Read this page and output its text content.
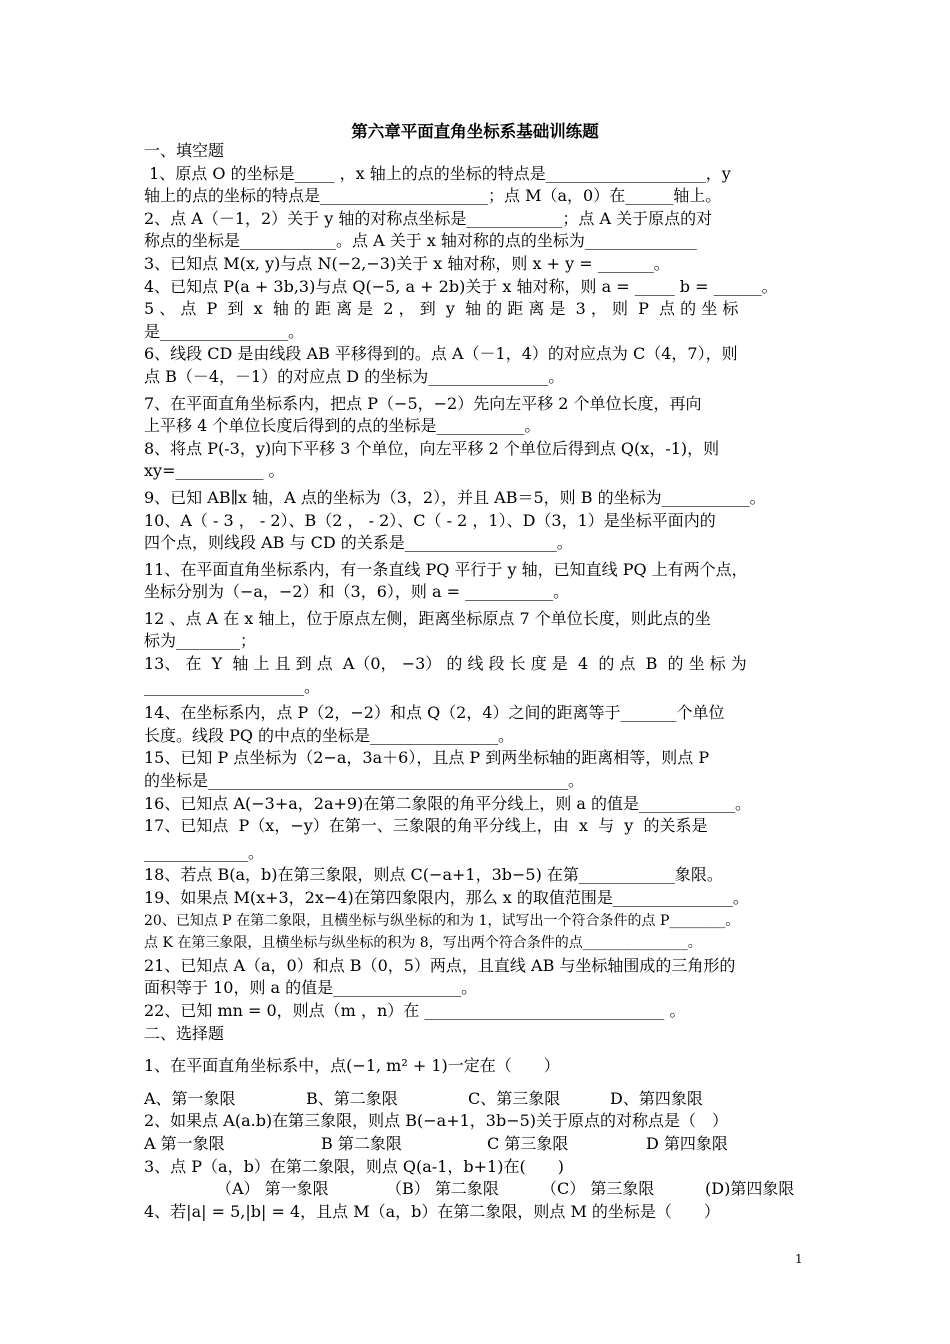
第六章平面直角坐标系基础训练题

一、填空题

1、原点 O 的坐标是_____ ，x 轴上的点的坐标的特点是____________________，y

轴上的点的坐标的特点是_____________________；点 M（a，0）在______轴上。

2、点 A（－1，2）关于 y 轴的对称点坐标是____________；点 A 关于原点的对

称点的坐标是____________。点 A 关于 x 轴对称的点的坐标为______________

3、已知点 M(x, y)与点 N(−2,−3)关于 x 轴对称，则 x + y = _______。

4、已知点 P(a + 3b,3)与点 Q(−5, a + 2b)关于 x 轴对称，则 a = _____ b = ______。

5 、 点  P  到  x  轴 的 距 离 是  2 ， 到  y  轴 的 距 离 是  3 ， 则  P  点 的 坐 标

是________________。

6、线段 CD 是由线段 AB 平移得到的。点 A（－1，4）的对应点为 C（4，7），则

点 B（－4，－1）的对应点 D 的坐标为_______________。

7、在平面直角坐标系内，把点 P（−5，−2）先向左平移 2 个单位长度，再向

上平移 4 个单位长度后得到的点的坐标是___________。

8、将点 P(-3，y)向下平移 3 个单位，向左平移 2 个单位后得到点 Q(x，-1)，则

xy=___________ 。

9、已知 AB∥x 轴，A 点的坐标为（3，2），并且 AB＝5，则 B 的坐标为___________。

10、A（ - 3 ， - 2）、B（2 ， - 2）、C（ - 2 ，1）、D（3，1）是坐标平面内的

四个点，则线段 AB 与 CD 的关系是___________________。

11、在平面直角坐标系内，有一条直线 PQ 平行于 y 轴，已知直线 PQ 上有两个点，

坐标分别为（−a，−2）和（3，6），则 a = ___________。

12 、点 A 在 x 轴上，位于原点左侧，距离坐标原点 7 个单位长度，则此点的坐

标为________；

13、 在  Y  轴 上 且 到 点  A（0， −3） 的 线 段 长 度 是  4  的 点  B  的 坐 标 为

____________________。

14、在坐标系内，点 P（2，−2）和点 Q（2，4）之间的距离等于_______个单位

长度。线段 PQ 的中点的坐标是________________。

15、已知 P 点坐标为（2−a，3a＋6），且点 P 到两坐标轴的距离相等，则点 P

的坐标是_____________________________________________。

16、已知点 A(−3+a，2a+9)在第二象限的角平分线上，则 a 的值是____________。

17、已知点  P（x，−y）在第一、三象限的角平分线上，由  x  与  y  的关系是

_____________。

18、若点 B(a，b)在第三象限，则点 C(−a+1，3b−5) 在第____________象限。

19、如果点 M(x+3，2x−4)在第四象限内，那么 x 的取值范围是_______________。

20、已知点 P 在第二象限，且横坐标与纵坐标的和为 1，试写出一个符合条件的点 P________。

点 K 在第三象限，且横坐标与纵坐标的积为 8，写出两个符合条件的点_______________。

21、已知点 A（a，0）和点 B（0，5）两点，且直线 AB 与坐标轴围成的三角形的

面积等于 10，则 a 的值是________________。

22、已知 mn = 0，则点（m ，n）在 ______________________________ 。

二、选择题

1、在平面直角坐标系中，点(−1, m² + 1)一定在（　　）

A、第一象限	B、第二象限	C、第三象限	D、第四象限

2、如果点 A(a.b)在第三象限，则点 B(−a+1，3b−5)关于原点的对称点是（　）

A 第一象限	B 第二象限	C 第三象限	D 第四象限

3、点 P（a，b）在第二象限，则点 Q(a-1，b+1)在(　　)

（A） 第一象限	（B） 第二象限	（C） 第三象限	(D)第四象限

4、若|a| = 5,|b| = 4，且点 M（a，b）在第二象限，则点 M 的坐标是（　　）

1
